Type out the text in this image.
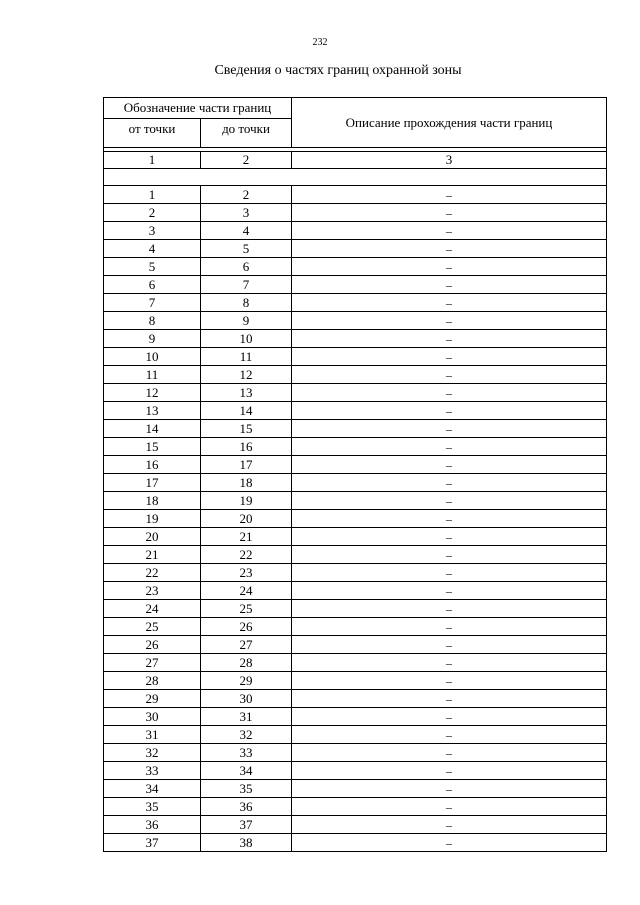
232
Сведения о частях границ охранной зоны
Обозначение части границ		Описание прохождения части границ
от точки	до точки	

1	2	3

1	2	–
2	3	–
3	4	–
4	5	–
5	6	–
6	7	–
7	8	–
8	9	–
9	10	–
10	11	–
11	12	–
12	13	–
13	14	–
14	15	–
15	16	–
16	17	–
17	18	–
18	19	–
19	20	–
20	21	–
21	22	–
22	23	–
23	24	–
24	25	–
25	26	–
26	27	–
27	28	–
28	29	–
29	30	–
30	31	–
31	32	–
32	33	–
33	34	–
34	35	–
35	36	–
36	37	–
37	38	–
